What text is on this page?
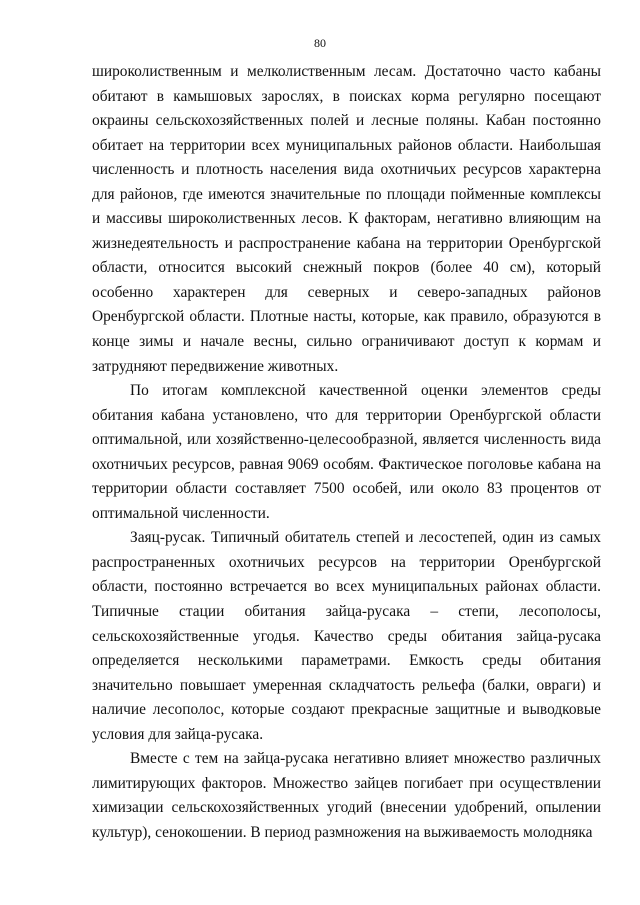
80

широколиственным и мелколиственным лесам. Достаточно часто кабаны обитают в камышовых зарослях, в поисках корма регулярно посещают окраины сельскохозяйственных полей и лесные поляны. Кабан постоянно обитает на территории всех муниципальных районов области. Наибольшая численность и плотность населения вида охотничьих ресурсов характерна для районов, где имеются значительные по площади пойменные комплексы и массивы широколиственных лесов. К факторам, негативно влияющим на жизнедеятельность и распространение кабана на территории Оренбургской области, относится высокий снежный покров (более 40 см), который особенно характерен для северных и северо-западных районов Оренбургской области. Плотные насты, которые, как правило, образуются в конце зимы и начале весны, сильно ограничивают доступ к кормам и затрудняют передвижение животных.

По итогам комплексной качественной оценки элементов среды обитания кабана установлено, что для территории Оренбургской области оптимальной, или хозяйственно-целесообразной, является численность вида охотничьих ресурсов, равная 9069 особям. Фактическое поголовье кабана на территории области составляет 7500 особей, или около 83 процентов от оптимальной численности.

Заяц-русак. Типичный обитатель степей и лесостепей, один из самых распространенных охотничьих ресурсов на территории Оренбургской области, постоянно встречается во всех муниципальных районах области. Типичные стации обитания зайца-русака – степи, лесополосы, сельскохозяйственные угодья. Качество среды обитания зайца-русака определяется несколькими параметрами. Емкость среды обитания значительно повышает умеренная складчатость рельефа (балки, овраги) и наличие лесополос, которые создают прекрасные защитные и выводковые условия для зайца-русака.

Вместе с тем на зайца-русака негативно влияет множество различных лимитирующих факторов. Множество зайцев погибает при осуществлении химизации сельскохозяйственных угодий (внесении удобрений, опылении культур), сенокошении. В период размножения на выживаемость молодняка
